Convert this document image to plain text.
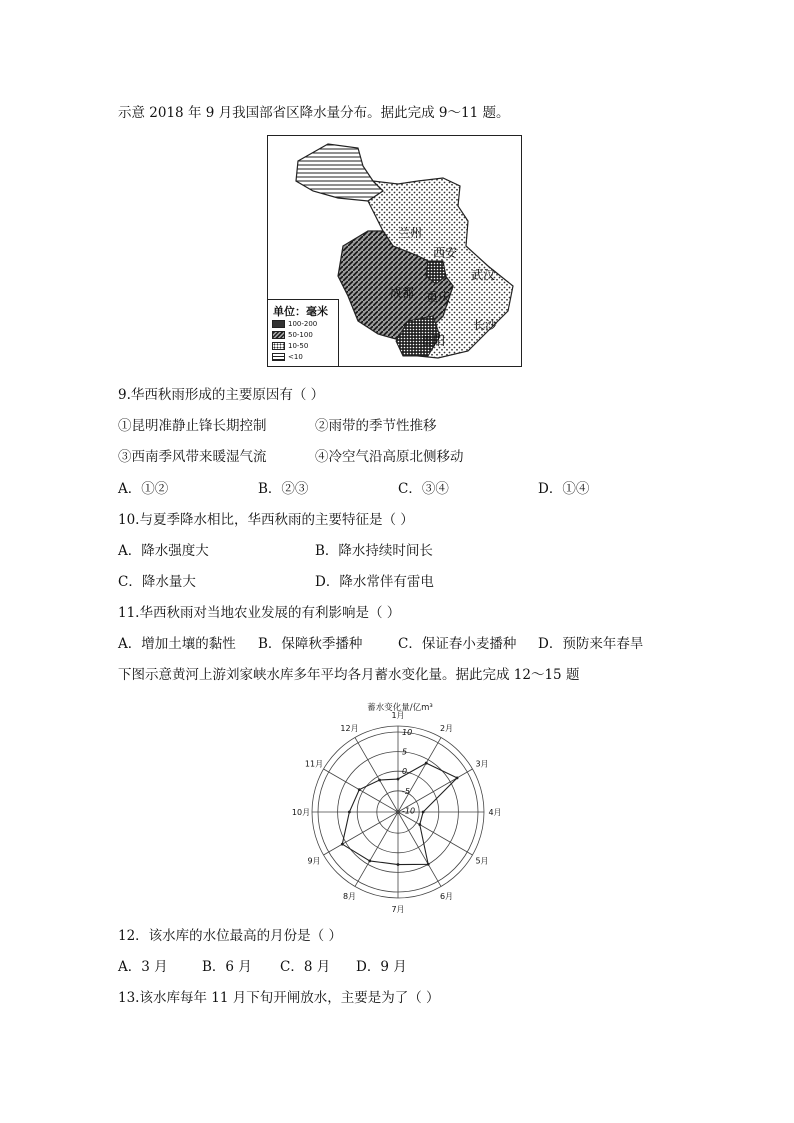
示意 2018 年 9 月我国部省区降水量分布。据此完成 9～11 题。
兰州
西安
武汉
成都 重庆
长沙
贵阳
单位：毫米
100-200
50-100
10-50
<10
9.华西秋雨形成的主要原因有（ ）
①昆明准静止锋长期控制	②雨带的季节性推移
③西南季风带来暖湿气流	④冷空气沿高原北侧移动
A．①②	B．②③	C．③④	D．①④
10.与夏季降水相比，华西秋雨的主要特征是（ ）
A．降水强度大	B．降水持续时间长
C．降水量大	D．降水常伴有雷电
11.华西秋雨对当地农业发展的有利影响是（ ）
A．增加土壤的黏性 B．保障秋季播种	C．保证春小麦播种 D．预防来年春旱
下图示意黄河上游刘家峡水库多年平均各月蓄水变化量。据此完成 12～15 题
蓄水变化量/亿m³
1月
2月
3月
4月
5月
6月
7月
8月
9月
10月
11月
12月
-10
-5
0
5
10
12．该水库的水位最高的月份是（ ）
A．3 月	B．6 月 C．8 月 D．9 月
13.该水库每年 11 月下旬开闸放水，主要是为了（ ）
